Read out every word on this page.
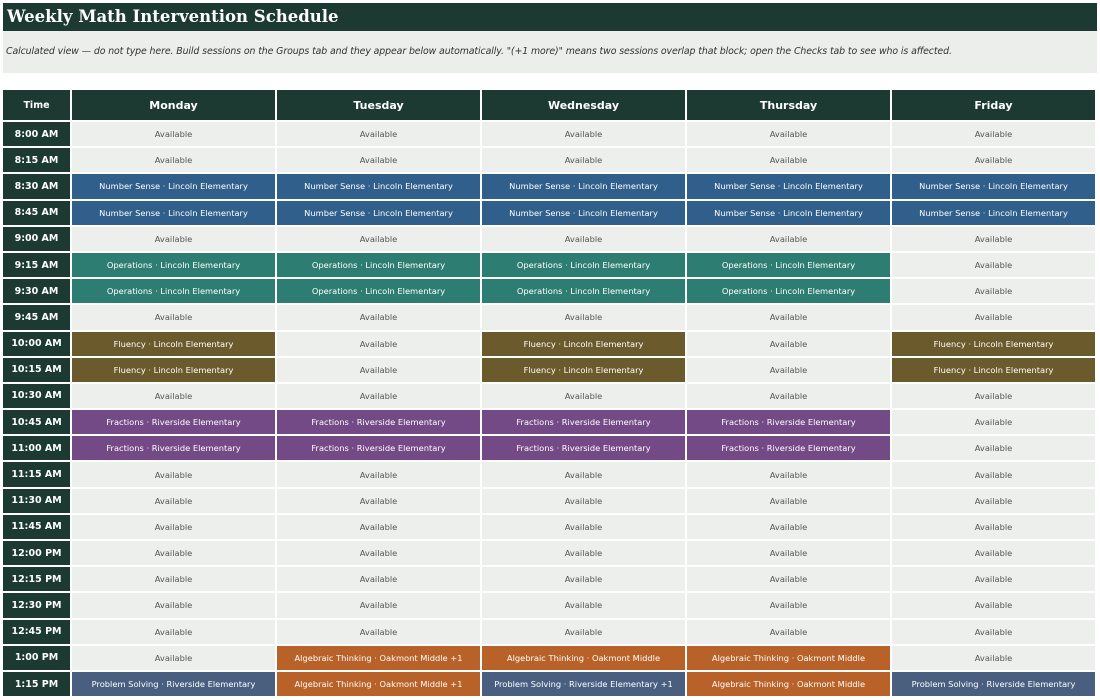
Weekly Math Intervention Schedule
Calculated view — do not type here. Build sessions on the Groups tab and they appear below automatically. "(+1 more)" means two sessions overlap that block; open the Checks tab to see who is affected.
Time	Monday	Tuesday	Wednesday	Thursday	Friday
8:00 AM	Available	Available	Available	Available	Available
8:15 AM	Available	Available	Available	Available	Available
8:30 AM	Number Sense · Lincoln Elementary	Number Sense · Lincoln Elementary	Number Sense · Lincoln Elementary	Number Sense · Lincoln Elementary	Number Sense · Lincoln Elementary
8:45 AM	Number Sense · Lincoln Elementary	Number Sense · Lincoln Elementary	Number Sense · Lincoln Elementary	Number Sense · Lincoln Elementary	Number Sense · Lincoln Elementary
9:00 AM	Available	Available	Available	Available	Available
9:15 AM	Operations · Lincoln Elementary	Operations · Lincoln Elementary	Operations · Lincoln Elementary	Operations · Lincoln Elementary	Available
9:30 AM	Operations · Lincoln Elementary	Operations · Lincoln Elementary	Operations · Lincoln Elementary	Operations · Lincoln Elementary	Available
9:45 AM	Available	Available	Available	Available	Available
10:00 AM	Fluency · Lincoln Elementary	Available	Fluency · Lincoln Elementary	Available	Fluency · Lincoln Elementary
10:15 AM	Fluency · Lincoln Elementary	Available	Fluency · Lincoln Elementary	Available	Fluency · Lincoln Elementary
10:30 AM	Available	Available	Available	Available	Available
10:45 AM	Fractions · Riverside Elementary	Fractions · Riverside Elementary	Fractions · Riverside Elementary	Fractions · Riverside Elementary	Available
11:00 AM	Fractions · Riverside Elementary	Fractions · Riverside Elementary	Fractions · Riverside Elementary	Fractions · Riverside Elementary	Available
11:15 AM	Available	Available	Available	Available	Available
11:30 AM	Available	Available	Available	Available	Available
11:45 AM	Available	Available	Available	Available	Available
12:00 PM	Available	Available	Available	Available	Available
12:15 PM	Available	Available	Available	Available	Available
12:30 PM	Available	Available	Available	Available	Available
12:45 PM	Available	Available	Available	Available	Available
1:00 PM	Available	Algebraic Thinking · Oakmont Middle +1	Algebraic Thinking · Oakmont Middle	Algebraic Thinking · Oakmont Middle	Available
1:15 PM	Problem Solving · Riverside Elementary	Algebraic Thinking · Oakmont Middle +1	Problem Solving · Riverside Elementary +1	Algebraic Thinking · Oakmont Middle	Problem Solving · Riverside Elementary
